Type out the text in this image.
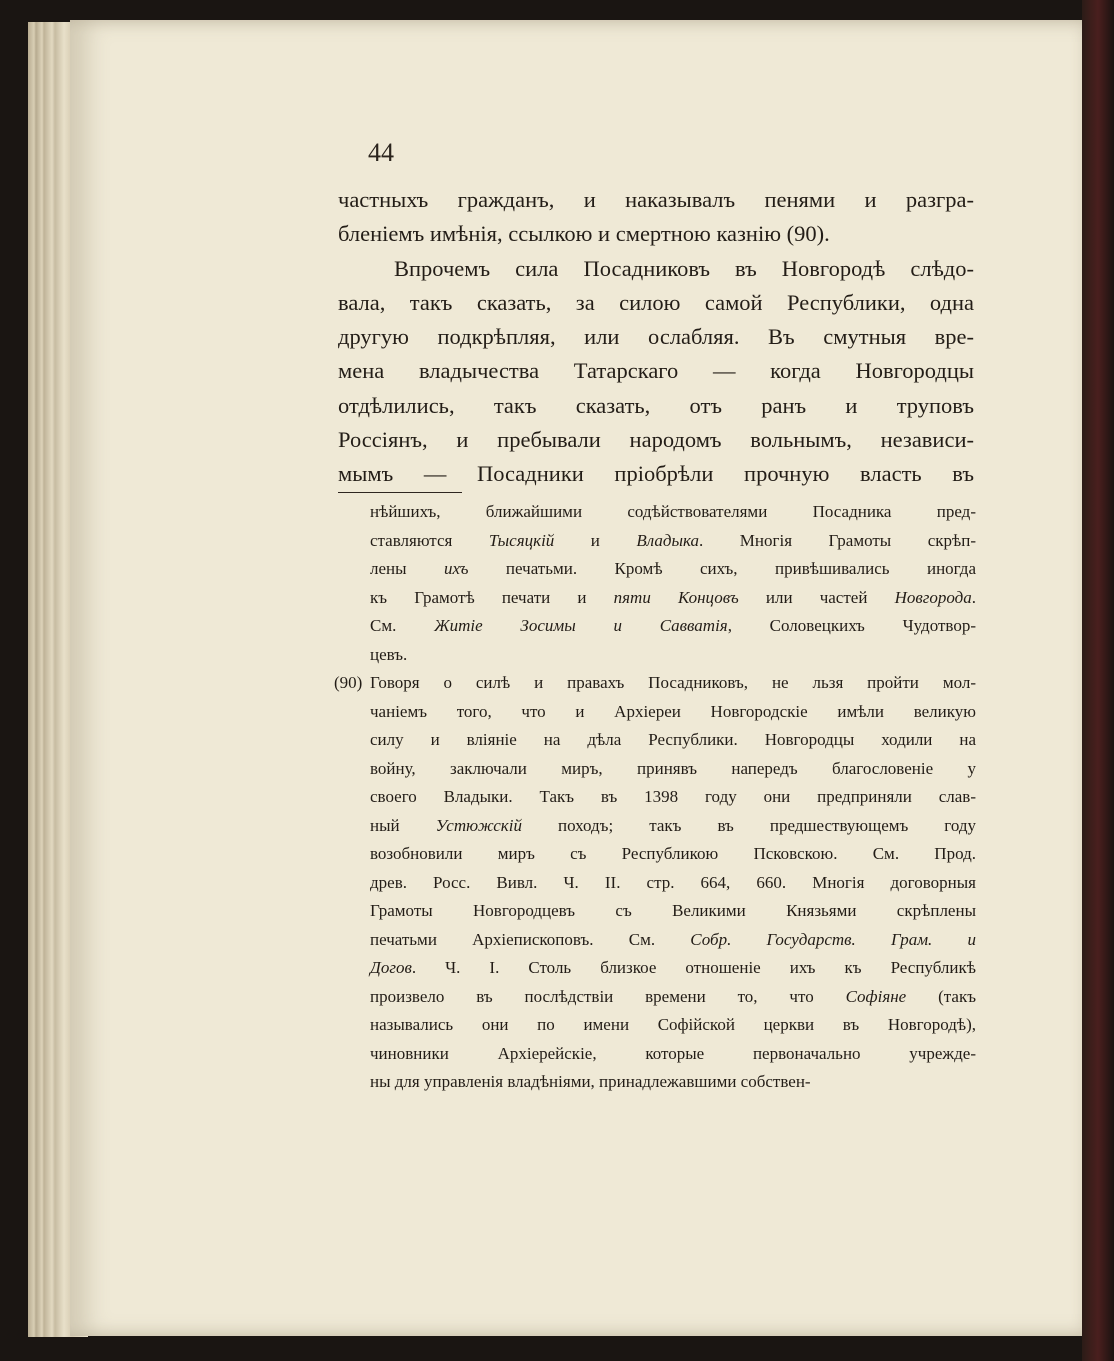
44
частныхъ гражданъ, и наказывалъ пенями и разгра-
бленіемъ имѣнія, ссылкою и смертною казнію (90).
Впрочемъ сила Посадниковъ въ Новгородѣ слѣдо-
вала, такъ сказать, за силою самой Республики, одна
другую подкрѣпляя, или ослабляя. Въ смутныя вре-
мена владычества Татарскаго — когда Новгородцы
отдѣлились, такъ сказать, отъ ранъ и труповъ
Россіянъ, и пребывали народомъ вольнымъ, независи-
мымъ — Посадники пріобрѣли прочную власть въ
нѣйшихъ, ближайшими содѣйствователями Посадника пред-
ставляются Тысяцкій и Владыка. Многія Грамоты скрѣп-
лены ихъ печатьми. Кромѣ сихъ, привѣшивались иногда
къ Грамотѣ печати и пяти Концовъ или частей Новгорода.
См. Житіе Зосимы и Савватія, Соловецкихъ Чудотвор-
цевъ.
(90) Говоря о силѣ и правахъ Посадниковъ, не льзя пройти мол-
чаніемъ того, что и Архіереи Новгородскіе имѣли великую
силу и вліяніе на дѣла Республики. Новгородцы ходили на
войну, заключали миръ, принявъ напередъ благословеніе у
своего Владыки. Такъ въ 1398 году они предприняли слав-
ный Устюжскій походъ; такъ въ предшествующемъ году
возобновили миръ съ Республикою Псковскою. См. Прод.
древ. Росс. Вивл. Ч. II. стр. 664, 660. Многія договорныя
Грамоты Новгородцевъ съ Великими Князьями скрѣплены
печатьми Архіепископовъ. См. Собр. Государств. Грам. и
Догов. Ч. I. Столь близкое отношеніе ихъ къ Республикѣ
произвело въ послѣдствіи времени то, что Софіяне (такъ
назывались они по имени Софійской церкви въ Новгородѣ),
чиновники Архіерейскіе, которые первоначально учрежде-
ны для управленія владѣніями, принадлежавшими собствен-
